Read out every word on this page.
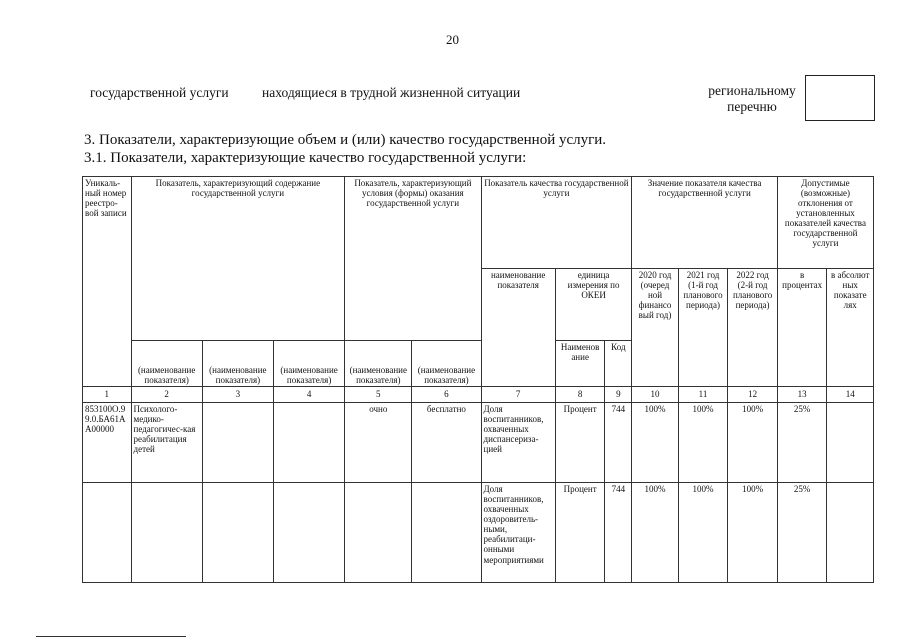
20
государственной услуги находящиеся в трудной жизненной ситуации	региональному
перечню
3. Показатели, характеризующие объем и (или) качество государственной услуги.
3.1. Показатели, характеризующие качество государственной услуги:
Уникаль-ный номер реестро-вой записи	Показатель, характеризующий содержание государственной услуги			Показатель, характеризующий условия (формы) оказания государственной услуги		Показатель качества государственной услуги			Значение показателя качества государственной услуги			Допустимые (возможные) отклонения от установленных показателей качества государственной услуги	
						наименование показателя	единица измерения по ОКЕИ		2020 год (очеред ной финансо вый год)	2021 год (1-й год планового периода)	2022 год (2-й год планового периода)	в процентах	в абсолют ных показате лях
	(наименование показателя)	(наименование показателя)	(наименование показателя)	(наименование показателя)	(наименование показателя)		Наименов ание	Код					
1	2	3	4	5	6	7	8	9	10	11	12	13	14
853100О.99.0.БА61АА00000	Психолого-медико-педагогичес-кая реабилитация детей			очно	бесплатно	Доля воспитанников, охваченных диспансериза-цией	Процент	744	100%	100%	100%	25%	
						Доля воспитанников, охваченных оздоровитель-ными, реабилитаци-онными мероприятиями	Процент	744	100%	100%	100%	25%	
